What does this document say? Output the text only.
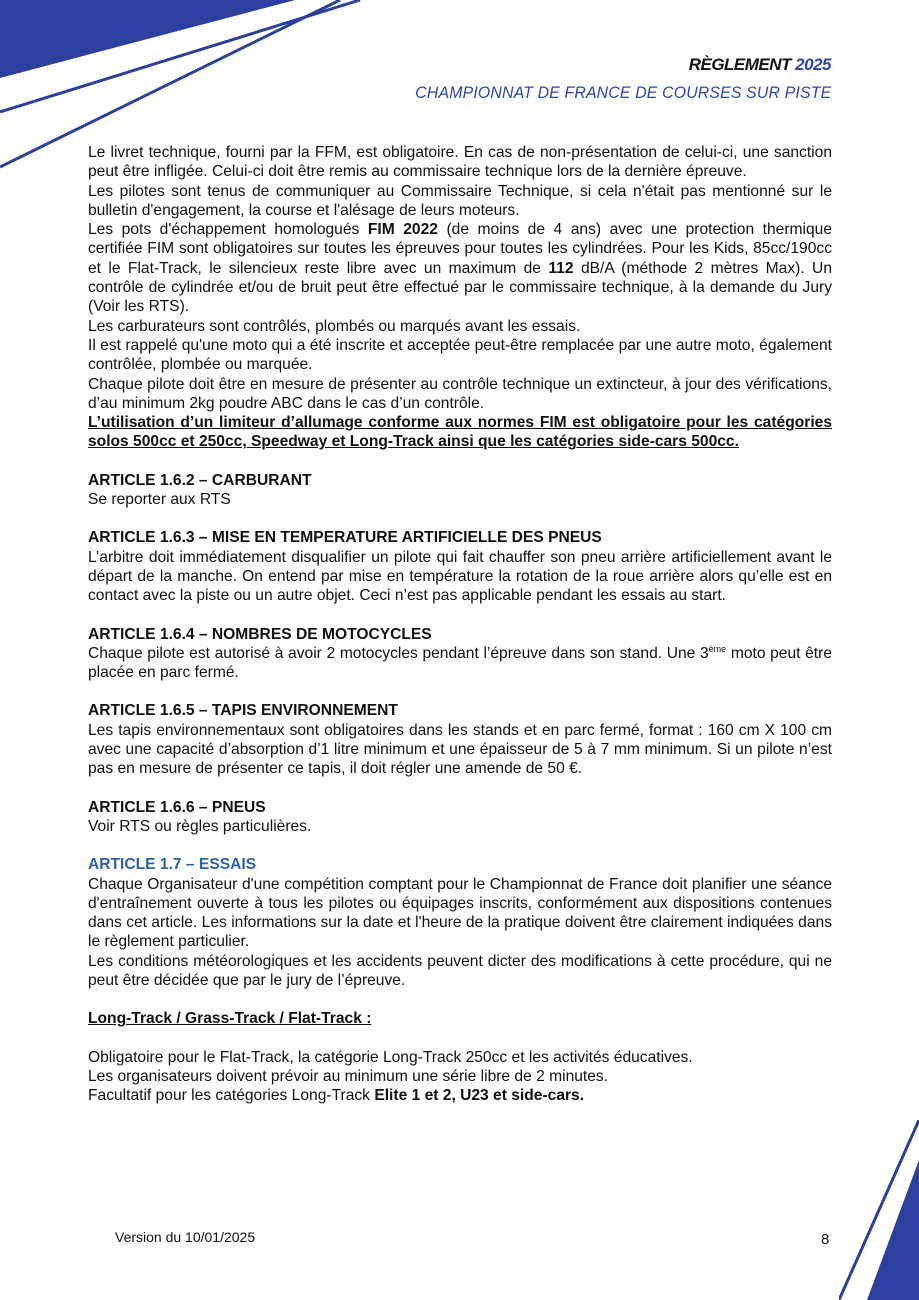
RÈGLEMENT 2025
CHAMPIONNAT DE FRANCE DE COURSES SUR PISTE

Le livret technique, fourni par la FFM, est obligatoire. En cas de non-présentation de celui-ci, une sanction peut être infligée. Celui-ci doit être remis au commissaire technique lors de la dernière épreuve.

Les pilotes sont tenus de communiquer au Commissaire Technique, si cela n'était pas mentionné sur le bulletin d'engagement, la course et l'alésage de leurs moteurs.

Les pots d'échappement homologués FIM 2022 (de moins de 4 ans) avec une protection thermique certifiée FIM sont obligatoires sur toutes les épreuves pour toutes les cylindrées. Pour les Kids, 85cc/190cc et le Flat-Track, le silencieux reste libre avec un maximum de 112 dB/A (méthode 2 mètres Max). Un contrôle de cylindrée et/ou de bruit peut être effectué par le commissaire technique, à la demande du Jury (Voir les RTS).

Les carburateurs sont contrôlés, plombés ou marqués avant les essais.

Il est rappelé qu'une moto qui a été inscrite et acceptée peut-être remplacée par une autre moto, également contrôlée, plombée ou marquée.

Chaque pilote doit être en mesure de présenter au contrôle technique un extincteur, à jour des vérifications, d’au minimum 2kg poudre ABC dans le cas d’un contrôle.

L’utilisation d’un limiteur d’allumage conforme aux normes FIM est obligatoire pour les catégories solos 500cc et 250cc, Speedway et Long-Track ainsi que les catégories side-cars 500cc.

ARTICLE 1.6.2 – CARBURANT

Se reporter aux RTS

ARTICLE 1.6.3 – MISE EN TEMPERATURE ARTIFICIELLE DES PNEUS

L’arbitre doit immédiatement disqualifier un pilote qui fait chauffer son pneu arrière artificiellement avant le départ de la manche. On entend par mise en température la rotation de la roue arrière alors qu’elle est en contact avec la piste ou un autre objet. Ceci n’est pas applicable pendant les essais au start.

ARTICLE 1.6.4 – NOMBRES DE MOTOCYCLES

Chaque pilote est autorisé à avoir 2 motocycles pendant l’épreuve dans son stand. Une 3ème moto peut être placée en parc fermé.

ARTICLE 1.6.5 – TAPIS ENVIRONNEMENT

Les tapis environnementaux sont obligatoires dans les stands et en parc fermé, format : 160 cm X 100 cm avec une capacité d’absorption d’1 litre minimum et une épaisseur de 5 à 7 mm minimum. Si un pilote n’est pas en mesure de présenter ce tapis, il doit régler une amende de 50 €.

ARTICLE 1.6.6 – PNEUS

Voir RTS ou règles particulières.

ARTICLE 1.7 – ESSAIS

Chaque Organisateur d'une compétition comptant pour le Championnat de France doit planifier une séance d'entraînement ouverte à tous les pilotes ou équipages inscrits, conformément aux dispositions contenues dans cet article. Les informations sur la date et l'heure de la pratique doivent être clairement indiquées dans le règlement particulier.

Les conditions météorologiques et les accidents peuvent dicter des modifications à cette procédure, qui ne peut être décidée que par le jury de l’épreuve.

Long-Track / Grass-Track / Flat-Track :

Obligatoire pour le Flat-Track, la catégorie Long-Track 250cc et les activités éducatives.

Les organisateurs doivent prévoir au minimum une série libre de 2 minutes.

Facultatif pour les catégories Long-Track Elite 1 et 2, U23 et side-cars.

Version du 10/01/2025	8
